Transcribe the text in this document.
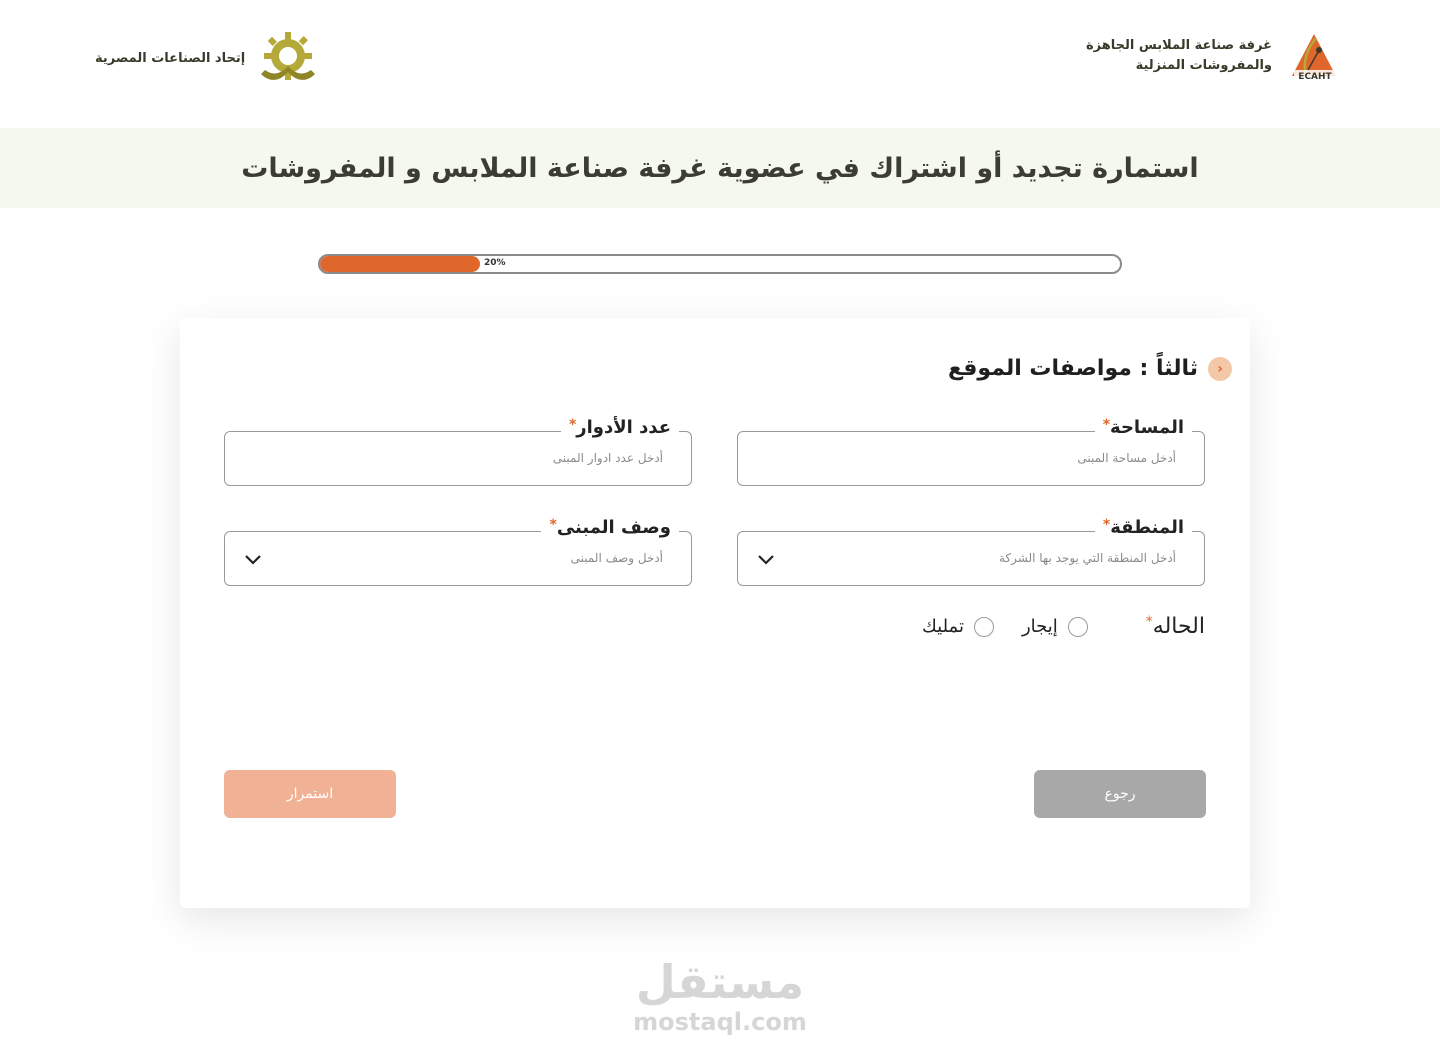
ECAHT
غرفة صناعة الملابس الجاهزة
والمفروشات المنزلية
إتحاد الصناعات المصرية
استمارة تجديد أو اشتراك في عضوية غرفة صناعة الملابس و المفروشات
20%
‹
ثالثاً : مواصفات الموقع
المساحة*
أدخل مساحة المبنى
عدد الأدوار*
أدخل عدد ادوار المبنى
المنطقة*
أدخل المنطقة التي يوجد بها الشركة
وصف المبنى*
أدخل وصف المبنى
الحاله*
إيجار
تمليك
رجوع
استمرار
مستقل
mostaql.com
